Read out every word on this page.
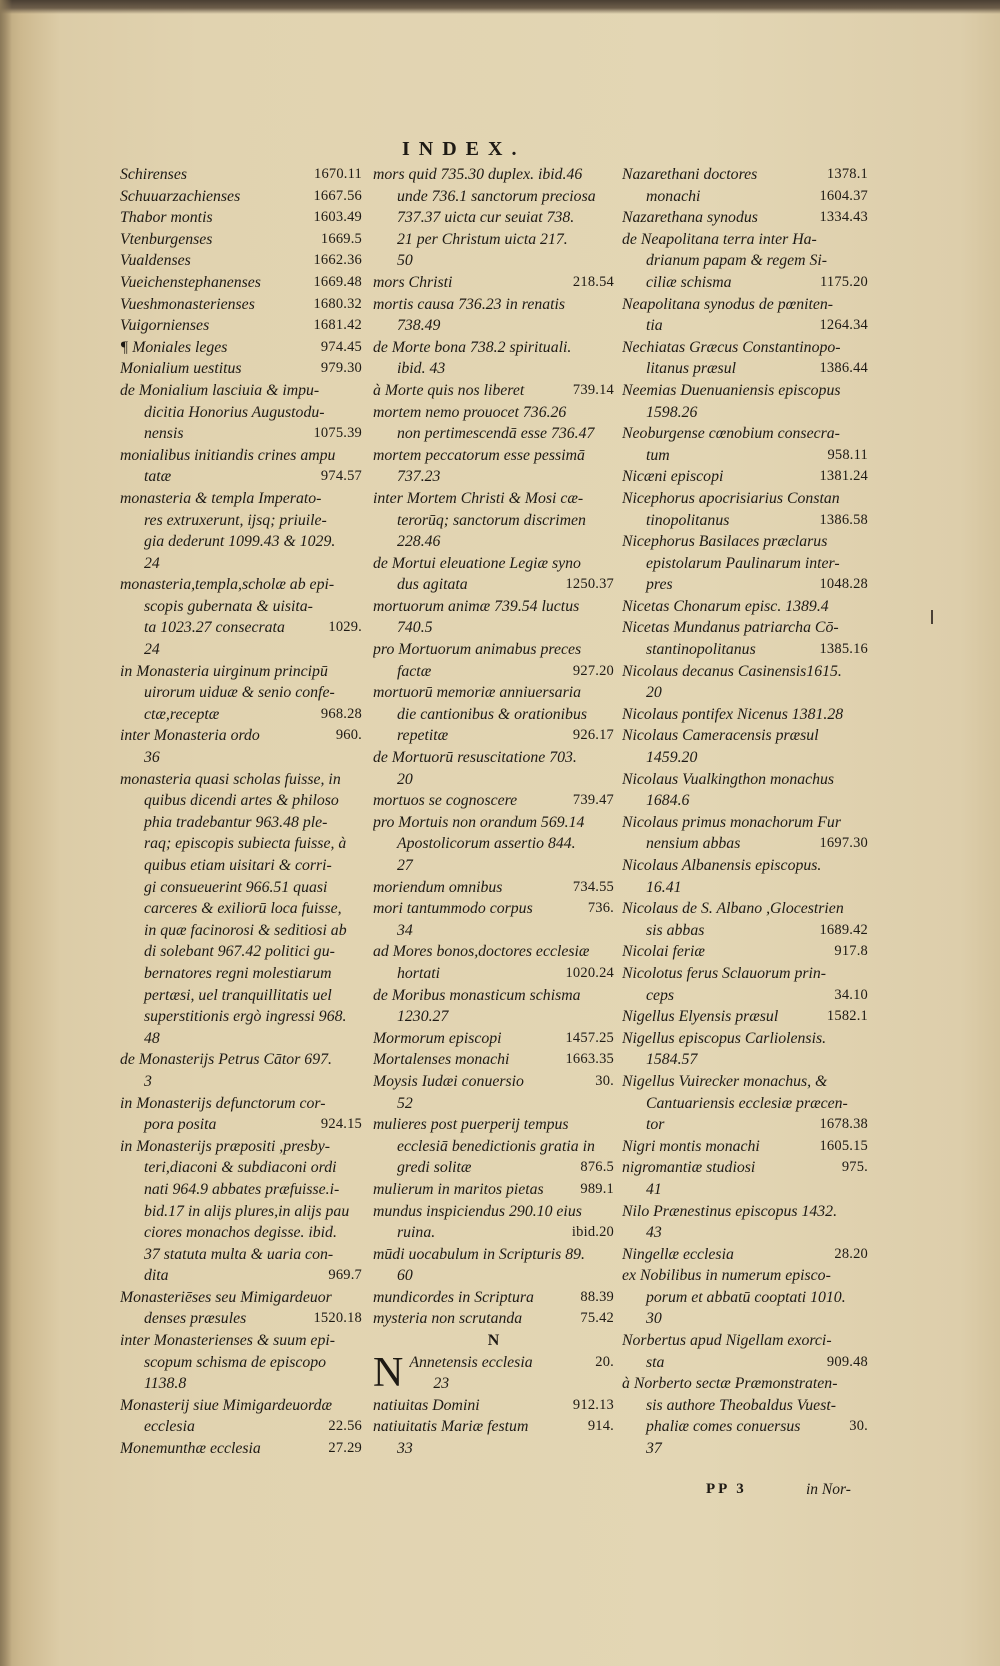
INDEX.
Schirenses	1670.11
Schuuarzachienses	1667.56
Thabor montis	1603.49
Vtenburgenses	1669.5
Vualdenses	1662.36
Vueichenstephanenses	1669.48
Vueshmonasterienses	1680.32
Vuigornienses	1681.42
¶ Moniales leges	974.45
Monialium uestitus	979.30
de Monialium lasciuia & impu-
dicitia Honorius Augustodu-
nensis	1075.39
monialibus initiandis crines ampu
tatæ	974.57
monasteria & templa Imperato-
res extruxerunt, ijsq; priuile-
gia dederunt 1099.43 & 1029.
24
monasteria,templa,scholæ ab epi-
scopis gubernata & uisita-
ta 1023.27 consecrata	1029.
24
in Monasteria uirginum principū
uirorum uiduæ & senio confe-
ctæ,receptæ	968.28
inter Monasteria ordo	960.
36
monasteria quasi scholas fuisse, in
quibus dicendi artes & philoso
phia tradebantur 963.48 ple-
raq; episcopis subiecta fuisse, à
quibus etiam uisitari & corri-
gi consueuerint 966.51 quasi
carceres & exiliorū loca fuisse,
in quæ facinorosi & seditiosi ab
di solebant 967.42 politici gu-
bernatores regni molestiarum
pertæsi, uel tranquillitatis uel
superstitionis ergò ingressi 968.
48
de Monasterijs Petrus Cātor 697.
3
in Monasterijs defunctorum cor-
pora posita	924.15
in Monasterijs præpositi ,presby-
teri,diaconi & subdiaconi ordi
nati 964.9 abbates præfuisse.i-
bid.17 in alijs plures,in alijs pau
ciores monachos degisse. ibid.
37 statuta multa & uaria con-
dita	969.7
Monasteriēses seu Mimigardeuor
denses præsules	1520.18
inter Monasterienses & suum epi-
scopum schisma de episcopo
1138.8
Monasterij siue Mimigardeuordæ
ecclesia	22.56
Monemunthæ ecclesia	27.29
mors quid 735.30 duplex. ibid.46
unde 736.1 sanctorum preciosa
737.37 uicta cur seuiat 738.
21 per Christum uicta 217.
50
mors Christi	218.54
mortis causa 736.23 in renatis
738.49
de Morte bona 738.2 spirituali.
ibid. 43
à Morte quis nos liberet	739.14
mortem nemo prouocet 736.26
non pertimescendā esse 736.47
mortem peccatorum esse pessimā
737.23
inter Mortem Christi & Mosi cæ-
terorūq; sanctorum discrimen
228.46
de Mortui eleuatione Legiæ syno
dus agitata	1250.37
mortuorum animæ 739.54 luctus
740.5
pro Mortuorum animabus preces
factæ	927.20
mortuorū memoriæ anniuersaria
die cantionibus & orationibus
repetitæ	926.17
de Mortuorū resuscitatione 703.
20
mortuos se cognoscere	739.47
pro Mortuis non orandum 569.14
Apostolicorum assertio 844.
27
moriendum omnibus	734.55
mori tantummodo corpus	736.
34
ad Mores bonos,doctores ecclesiæ
hortati	1020.24
de Moribus monasticum schisma
1230.27
Mormorum episcopi	1457.25
Mortalenses monachi	1663.35
Moysis Iudæi conuersio	30.
52
mulieres post puerperij tempus
ecclesiā benedictionis gratia in
gredi solitæ	876.5
mulierum in maritos pietas	989.1
mundus inspiciendus 290.10 eius
ruina.	ibid.20
mūdi uocabulum in Scripturis 89.
60
mundicordes in Scriptura	88.39
mysteria non scrutanda	75.42
N
N Annetensis ecclesia	20.
23
natiuitas Domini	912.13
natiuitatis Mariæ festum	914.
33
Nazarethani doctores	1378.1
monachi	1604.37
Nazarethana synodus	1334.43
de Neapolitana terra inter Ha-
drianum papam & regem Si-
ciliæ schisma	1175.20
Neapolitana synodus de pœniten-
tia	1264.34
Nechiatas Græcus Constantinopo-
litanus præsul	1386.44
Neemias Duenuaniensis episcopus
1598.26
Neoburgense cœnobium consecra-
tum	958.11
Nicæni episcopi	1381.24
Nicephorus apocrisiarius Constan
tinopolitanus	1386.58
Nicephorus Basilaces præclarus
epistolarum Paulinarum inter-
pres	1048.28
Nicetas Chonarum episc. 1389.4
Nicetas Mundanus patriarcha Cō-
stantinopolitanus	1385.16
Nicolaus decanus Casinensis1615.
20
Nicolaus pontifex Nicenus 1381.28
Nicolaus Cameracensis præsul
1459.20
Nicolaus Vualkingthon monachus
1684.6
Nicolaus primus monachorum Fur
nensium abbas	1697.30
Nicolaus Albanensis episcopus.
16.41
Nicolaus de S. Albano ,Glocestrien
sis abbas	1689.42
Nicolai feriæ	917.8
Nicolotus ferus Sclauorum prin-
ceps	34.10
Nigellus Elyensis præsul	1582.1
Nigellus episcopus Carliolensis.
1584.57
Nigellus Vuirecker monachus, &
Cantuariensis ecclesiæ præcen-
tor	1678.38
Nigri montis monachi	1605.15
nigromantiæ studiosi	975.
41
Nilo Prænestinus episcopus 1432.
43
Ningellæ ecclesia	28.20
ex Nobilibus in numerum episco-
porum et abbatū cooptati 1010.
30
Norbertus apud Nigellam exorci-
sta	909.48
à Norberto sectæ Præmonstraten-
sis authore Theobaldus Vuest-
phaliæ comes conuersus	30.
37
PP 3	in Nor-
